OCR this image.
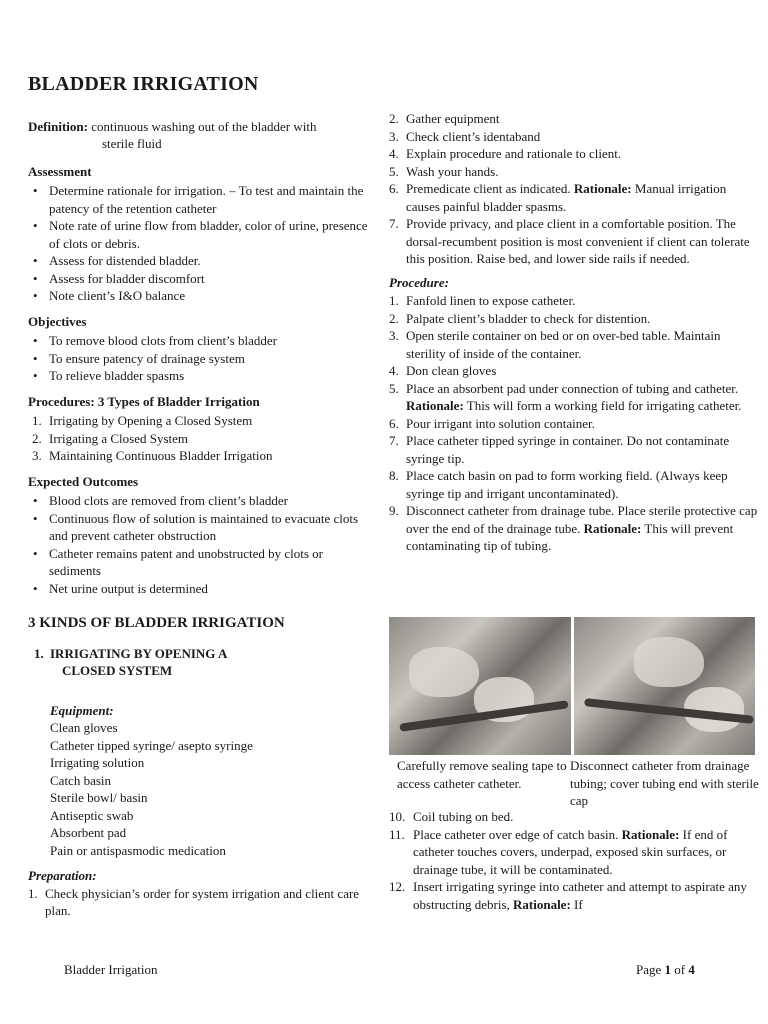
BLADDER IRRIGATION
Definition: continuous washing out of the bladder with
sterile fluid
Assessment
• Determine rationale for irrigation. – To test and maintain the patency of the retention catheter
• Note rate of urine flow from bladder, color of urine, presence of clots or debris.
• Assess for distended bladder.
• Assess for bladder discomfort
• Note client’s I&O balance
Objectives
• To remove blood clots from client’s bladder
• To ensure patency of drainage system
• To relieve bladder spasms
Procedures: 3 Types of Bladder Irrigation
1. Irrigating by Opening a Closed System
2. Irrigating a Closed System
3. Maintaining Continuous Bladder Irrigation
Expected Outcomes
• Blood clots are removed from client’s bladder
• Continuous flow of solution is maintained to evacuate clots and prevent catheter obstruction
• Catheter remains patent and unobstructed by clots or sediments
• Net urine output is determined
3 KINDS OF BLADDER IRRIGATION
1. IRRIGATING BY OPENING A
CLOSED SYSTEM
Equipment:
Clean gloves
Catheter tipped syringe/ asepto syringe
Irrigating solution
Catch basin
Sterile bowl/ basin
Antiseptic swab
Absorbent pad
Pain or antispasmodic medication
Preparation:
1. Check physician’s order for system irrigation and client care plan.
2. Gather equipment
3. Check client’s identaband
4. Explain procedure and rationale to client.
5. Wash your hands.
6. Premedicate client as indicated. Rationale: Manual irrigation causes painful bladder spasms.
7. Provide privacy, and place client in a comfortable position. The dorsal-recumbent position is most convenient if client can tolerate this position. Raise bed, and lower side rails if needed.
Procedure:
1. Fanfold linen to expose catheter.
2. Palpate client’s bladder to check for distention.
3. Open sterile container on bed or on over-bed table. Maintain sterility of inside of the container.
4. Don clean gloves
5. Place an absorbent pad under connection of tubing and catheter. Rationale: This will form a working field for irrigating catheter.
6. Pour irrigant into solution container.
7. Place catheter tipped syringe in container. Do not contaminate syringe tip.
8. Place catch basin on pad to form working field. (Always keep syringe tip and irrigant uncontaminated).
9. Disconnect catheter from drainage tube. Place sterile protective cap over the end of the drainage tube. Rationale: This will prevent contaminating tip of tubing.
Carefully remove sealing tape to access catheter catheter.
Disconnect catheter from drainage tubing; cover tubing end with sterile cap
10. Coil tubing on bed.
11. Place catheter over edge of catch basin. Rationale: If end of catheter touches covers, underpad, exposed skin surfaces, or drainage tube, it will be contaminated.
12. Insert irrigating syringe into catheter and attempt to aspirate any obstructing debris, Rationale: If
Bladder Irrigation	Page 1 of 4
